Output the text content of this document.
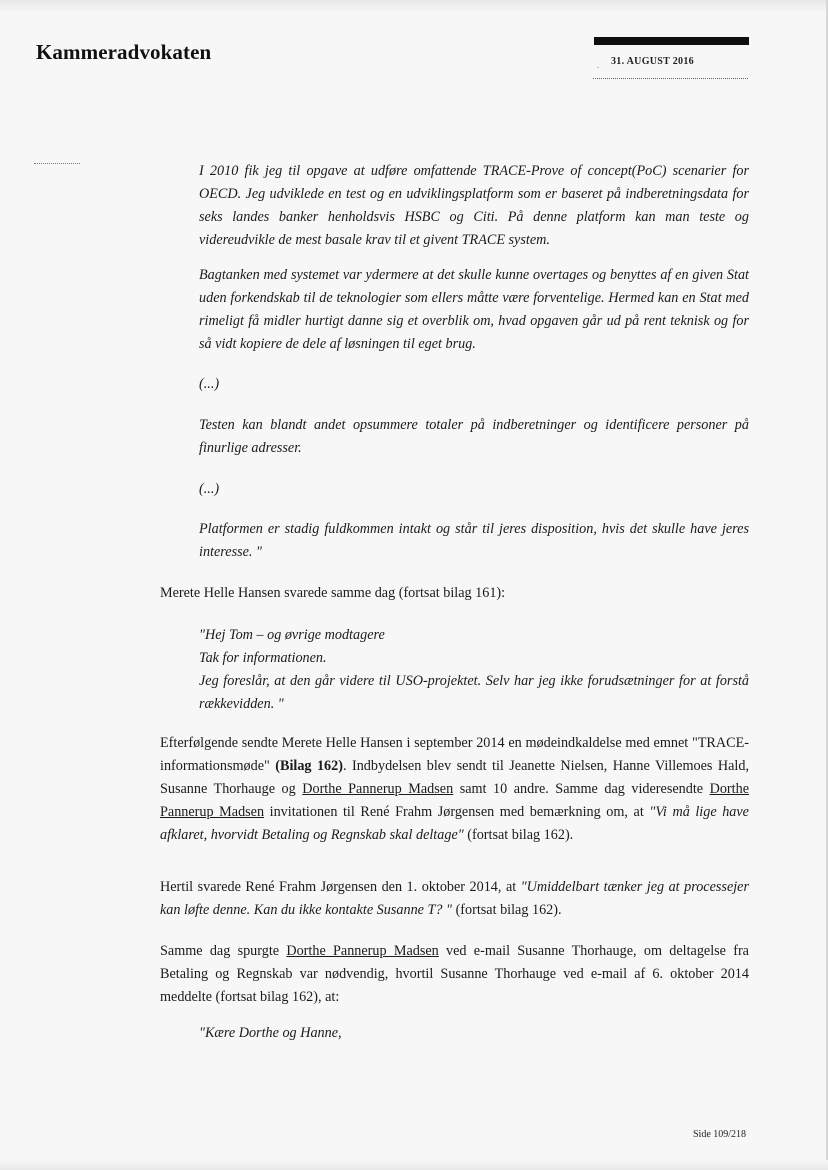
Kammeradvokaten
. 31. AUGUST 2016
I 2010 fik jeg til opgave at udføre omfattende TRACE-Prove of concept(PoC) scenarier for OECD. Jeg udviklede en test og en udviklingsplatform som er baseret på indberetningsdata for seks landes banker henholdsvis HSBC og Citi. På denne platform kan man teste og videreudvikle de mest basale krav til et givent TRACE system.
Bagtanken med systemet var ydermere at det skulle kunne overtages og benyttes af en given Stat uden forkendskab til de teknologier som ellers måtte være forventelige. Hermed kan en Stat med rimeligt få midler hurtigt danne sig et overblik om, hvad opgaven går ud på rent teknisk og for så vidt kopiere de dele af løsningen til eget brug.
(...)
Testen kan blandt andet opsummere totaler på indberetninger og identificere personer på finurlige adresser.
(...)
Platformen er stadig fuldkommen intakt og står til jeres disposition, hvis det skulle have jeres interesse. "
Merete Helle Hansen svarede samme dag (fortsat bilag 161):
"Hej Tom – og øvrige modtagere
Tak for informationen.
Jeg foreslår, at den går videre til USO-projektet. Selv har jeg ikke forudsætninger for at forstå rækkevidden. "
Efterfølgende sendte Merete Helle Hansen i september 2014 en mødeindkaldelse med emnet "TRACE-informationsmøde" (Bilag 162). Indbydelsen blev sendt til Jeanette Nielsen, Hanne Villemoes Hald, Susanne Thorhauge og Dorthe Pannerup Madsen samt 10 andre. Samme dag videresendte Dorthe Pannerup Madsen invitationen til René Frahm Jørgensen med bemærkning om, at "Vi må lige have afklaret, hvorvidt Betaling og Regnskab skal deltage" (fortsat bilag 162).
Hertil svarede René Frahm Jørgensen den 1. oktober 2014, at "Umiddelbart tænker jeg at processejer kan løfte denne. Kan du ikke kontakte Susanne T? " (fortsat bilag 162).
Samme dag spurgte Dorthe Pannerup Madsen ved e-mail Susanne Thorhauge, om deltagelse fra Betaling og Regnskab var nødvendig, hvortil Susanne Thorhauge ved e-mail af 6. oktober 2014 meddelte (fortsat bilag 162), at:
"Kære Dorthe og Hanne,
Side 109/218
